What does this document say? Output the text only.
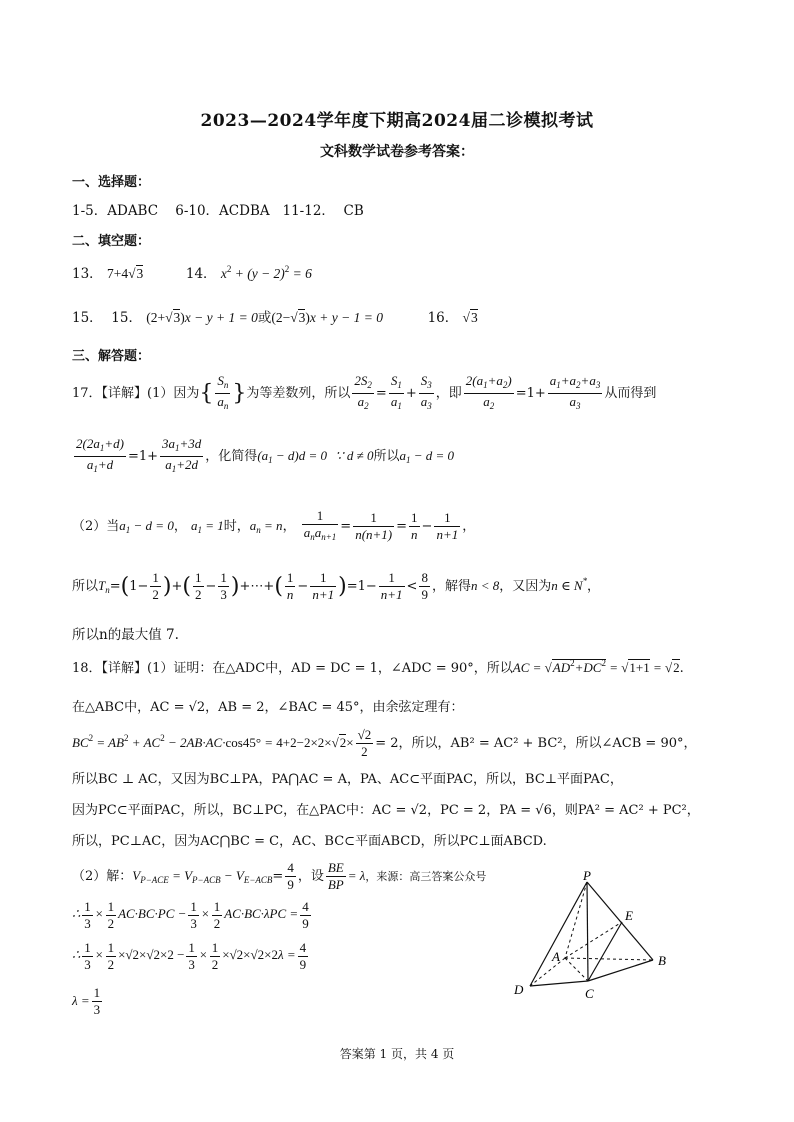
2023—2024学年度下期高2024届二诊模拟考试
文科数学试卷参考答案：
一、选择题：
1-5．ADABC    6-10．ACDBA   11-12．  CB
二、填空题：
13． 7+4√3	14． $x^2 + (y - 2)^2 = 6$
15．  15． (2+√3)x − y + 1 = 0或(2−√3)x + y − 1 = 0	16． √3
三、解答题：
17．【详解】(1）因为{ $\frac{S_n}{a_n}$ }为等差数列，所以 $\frac{2S_2}{a_2} = \frac{S_1}{a_1} + \frac{S_3}{a_3}$ ，即 $\frac{2(a_1+a_2)}{a_2} =1+ \frac{a_1+a_2+a_3}{a_3}$ 从而得到
$\frac{2(2a_1+d)}{a_1+d} =1+ \frac{3a_1+3d}{a_1+2d}$ ，化简得$(a_1 - d)d = 0$ ∵ d ≠ 0所以$a_1 - d = 0$
（2）当$a_1 - d = 0$， $a_1 = 1$时，$a_n = n$， $\frac{1}{a_na_{n+1}} = \frac{1}{n(n+1)} = \frac{1}{n} - \frac{1}{n+1}$ ，
所以$T_n=(1- \frac{1}{2}$ )+( $\frac{1}{2} - \frac{1}{3}$ )+⋯+( $\frac{1}{n} - \frac{1}{n+1} )=1- \frac{1}{n+1} < \frac{8}{9}$ ，解得n < 8，又因为n ∈ N*，
所以n的最大值 7.
18．【详解】(1）证明：在△ADC中，AD = DC = 1，∠ADC = 90°，所以AC = $√AD^2+DC^2 = √1+1 = √2$.
在△ABC中，AC = √2，AB = 2，∠BAC = 45°，由余弦定理有：
$BC^2 = AB^2 + AC^2 - 2AB\cdot AC\cdot\cos 45^\circ = 4+2-2\times 2\times√2\times \frac{√2}{2} = 2$，所以，AB² = AC² + BC²，所以∠ACB = 90°，
所以BC ⊥ AC，又因为BC⊥PA，PA⋂AC = A，PA、AC⊂平面PAC，所以，BC⊥平面PAC，
因为PC⊂平面PAC，所以，BC⊥PC，在△PAC中：AC = √2，PC = 2，PA = √6，则PA² = AC² + PC²，
所以，PC⊥AC，因为AC⋂BC = C，AC、BC⊂平面ABCD，所以PC⊥面ABCD.
（2）解：$V_{P-ACE} = V_{P-ACB} - V_{E-ACB}= \frac{4}{9}$ ，设 $\frac{BE}{BP} = \lambda$，来源：高三答案公众号
∴ $\frac{1}{3} \times \frac{1}{2} AC\cdot BC\cdot PC - \frac{1}{3} \times \frac{1}{2} AC\cdot BC\cdot\lambda PC = \frac{4}{9}$
∴ $\frac{1}{3} \times \frac{1}{2} \times√2\times√2\times 2 - \frac{1}{3} \times \frac{1}{2} \times√2\times√2\times 2\lambda = \frac{4}{9}$
$\lambda = \frac{1}{3}$
P
E
A	B
D	C
答案第 1 页，共 4 页
